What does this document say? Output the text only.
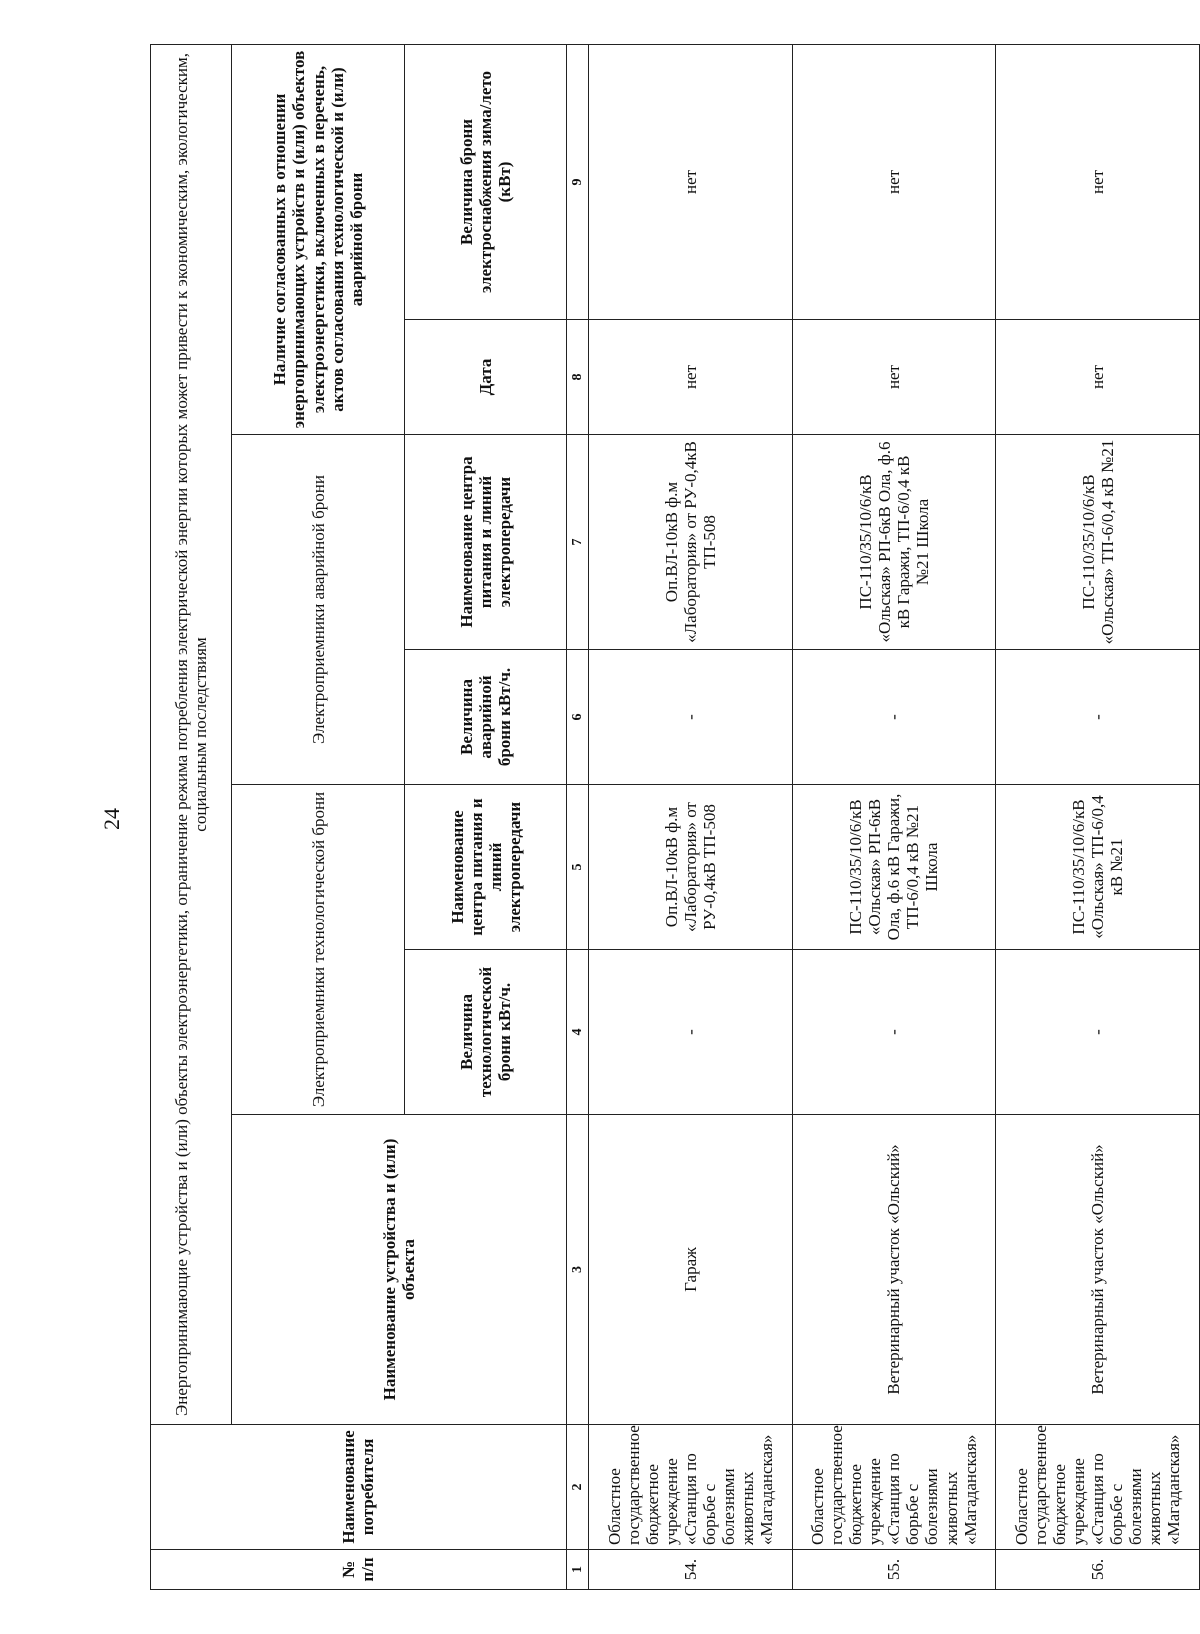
24
№ п/п	Наименование потребителя	Энергопринимающие устройства и (или) объекты электроэнергетики, ограничение режима потребления электрической энергии которых может привести к экономическим, экологическим, социальным последствиям						
		Наименование устройства и (или) объекта	Электроприемники технологической брони		Электроприемники аварийной брони		Наличие согласованных в отношении энергопринимающих устройств и (или) объектов электроэнергетики, включенных в перечень, актов согласования технологической и (или) аварийной брони	
			Величина технологической брони кВт/ч.	Наименование центра питания и линий электропередачи	Величина аварийной брони кВт/ч.	Наименование центра питания и линий электропередачи	Дата	Величина брони электроснабжения зима/лето (кВт)
1	2	3	4	5	6	7	8	9
54.	Областное государственное бюджетное учреждение «Станция по борьбе с болезнями животных «Магаданская»	Гараж	-	Оп.ВЛ-10кВ ф.м «Лаборатория» от РУ-0,4кВ ТП-508	-	Оп.ВЛ-10кВ ф.м «Лаборатория» от РУ-0,4кВ ТП-508	нет	нет
55.	Областное государственное бюджетное учреждение «Станция по борьбе с болезнями животных «Магаданская»	Ветеринарный участок «Ольский»	-	ПС-110/35/10/6/кВ «Ольская» РП-6кВ Ола, ф.6 кВ Гаражи, ТП-6/0,4 кВ №21 Школа	-	ПС-110/35/10/6/кВ «Ольская» РП-6кВ Ола, ф.6 кВ Гаражи, ТП-6/0,4 кВ №21 Школа	нет	нет
56.	Областное государственное бюджетное учреждение «Станция по борьбе с болезнями животных «Магаданская»	Ветеринарный участок «Ольский»	-	ПС-110/35/10/6/кВ «Ольская» ТП-6/0,4 кВ №21	-	ПС-110/35/10/6/кВ «Ольская» ТП-6/0,4 кВ №21	нет	нет
